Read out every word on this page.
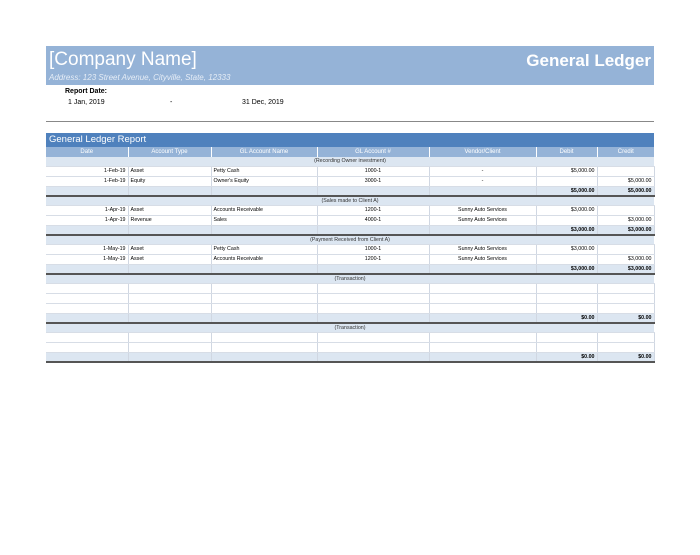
[Company Name]	General Ledger
Address: 123 Street Avenue, Cityville, State, 12333
Report Date:
1 Jan, 2019	-	31 Dec, 2019
General Ledger Report
Date	Account Type	GL Account Name	GL Account #	Vendor/Client	Debit	Credit
(Recording Owner investment)						
1-Feb-19	Asset	Petty Cash	1000-1	-	$5,000.00	
1-Feb-19	Equity	Owner's Equity	3000-1	-		$5,000.00
					$5,000.00	$5,000.00
(Sales made to Client A)						
1-Apr-19	Asset	Accounts Receivable	1200-1	Sunny Auto Services	$3,000.00	
1-Apr-19	Revenue	Sales	4000-1	Sunny Auto Services		$3,000.00
					$3,000.00	$3,000.00
(Payment Received from Client A)						
1-May-19	Asset	Petty Cash	1000-1	Sunny Auto Services	$3,000.00	
1-May-19	Asset	Accounts Receivable	1200-1	Sunny Auto Services		$3,000.00
					$3,000.00	$3,000.00
(Transaction)						

					$0.00	$0.00
(Transaction)						

					$0.00	$0.00
